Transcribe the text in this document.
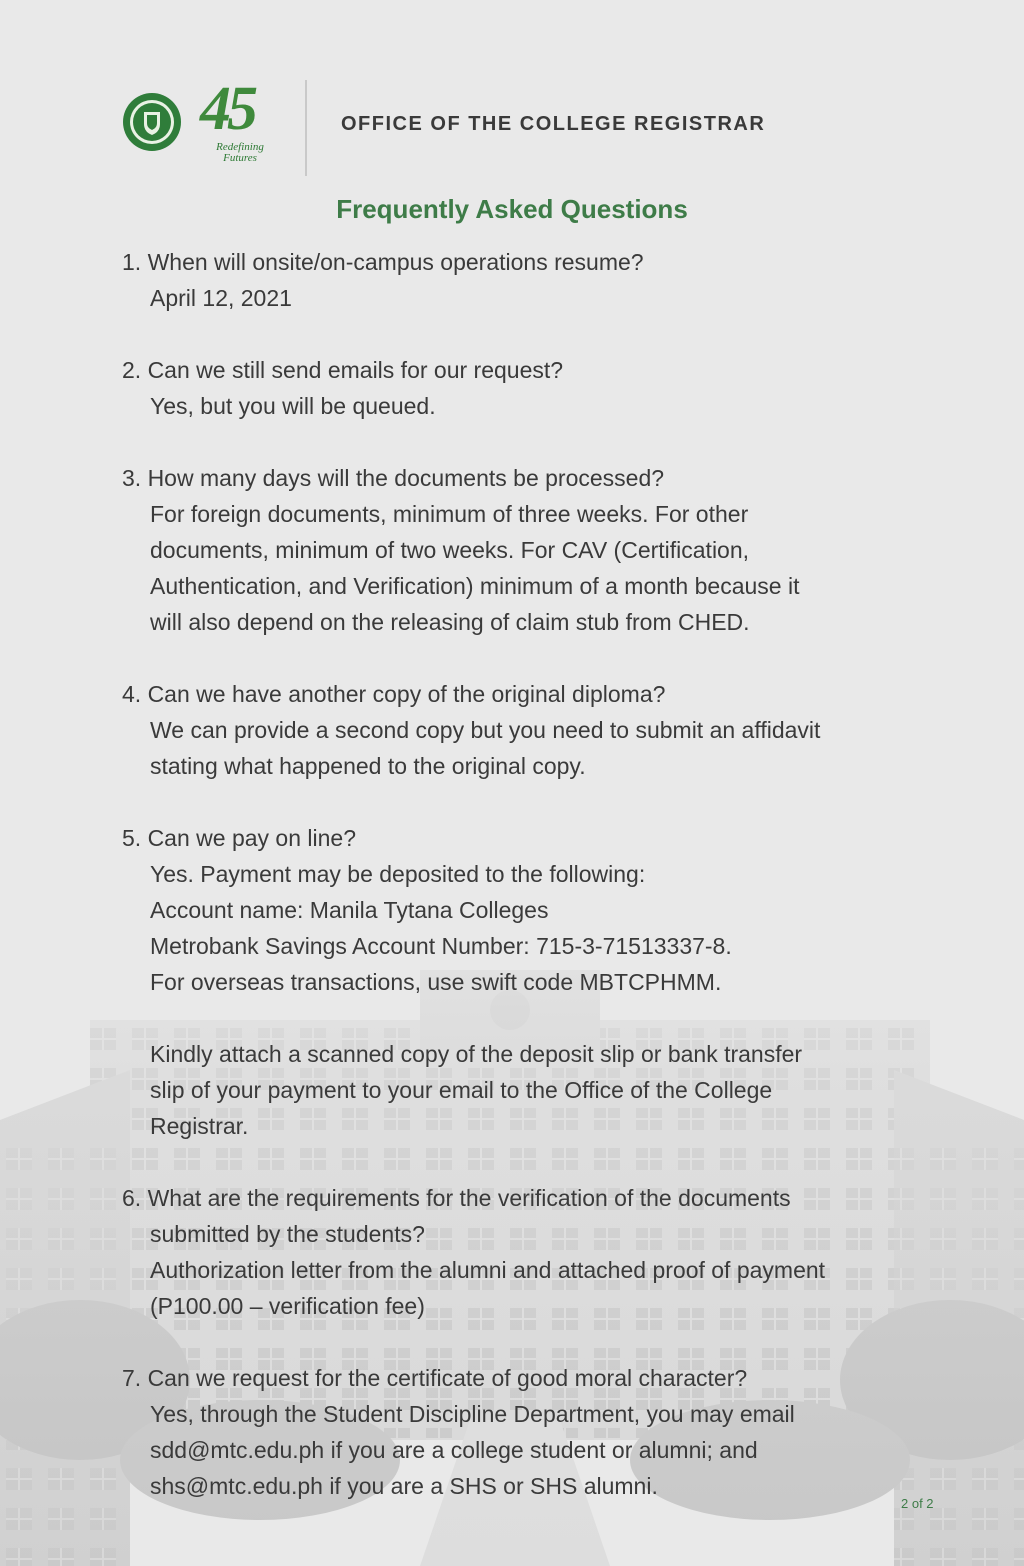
45
Redefining Futures
OFFICE OF THE COLLEGE REGISTRAR
Frequently Asked Questions

1. When will onsite/on-campus operations resume?

April 12, 2021

2. Can we still send emails for our request?

Yes, but you will be queued.

3. How many days will the documents be processed?

For foreign documents, minimum of three weeks. For other
documents, minimum of two weeks. For CAV (Certification,
Authentication, and Verification) minimum of a month because it
will also depend on the releasing of claim stub from CHED.

4. Can we have another copy of the original diploma?

We can provide a second copy but you need to submit an affidavit
stating what happened to the original copy.

5. Can we pay on line?

Yes. Payment may be deposited to the following:
Account name: Manila Tytana Colleges
Metrobank Savings Account Number: 715-3-71513337-8.
For overseas transactions, use swift code MBTCPHMM.

Kindly attach a scanned copy of the deposit slip or bank transfer
slip of your payment to your email to the Office of the College
Registrar.

6. What are the requirements for the verification of the documents

submitted by the students?

Authorization letter from the alumni and attached proof of payment
(P100.00 – verification fee)

7. Can we request for the certificate of good moral character?

Yes, through the Student Discipline Department, you may email
sdd@mtc.edu.ph if you are a college student or alumni; and
shs@mtc.edu.ph if you are a SHS or SHS alumni.

2 of 2
